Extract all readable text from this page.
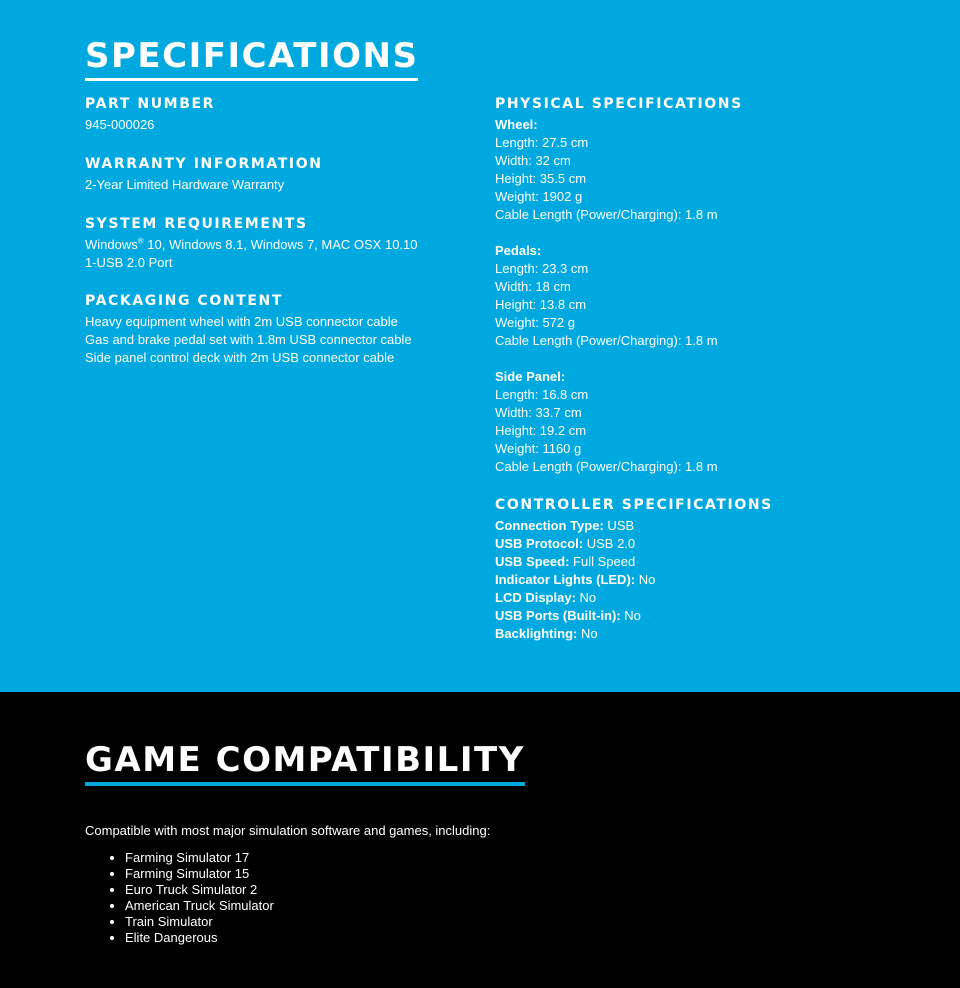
SPECIFICATIONS
PART NUMBER
945-000026
WARRANTY INFORMATION
2-Year Limited Hardware Warranty
SYSTEM REQUIREMENTS
Windows® 10, Windows 8.1, Windows 7, MAC OSX 10.10
1-USB 2.0 Port
PACKAGING CONTENT
Heavy equipment wheel with 2m USB connector cable
Gas and brake pedal set with 1.8m USB connector cable
Side panel control deck with 2m USB connector cable
PHYSICAL SPECIFICATIONS
Wheel:
Length: 27.5 cm
Width: 32 cm
Height: 35.5 cm
Weight: 1902 g
Cable Length (Power/Charging): 1.8 m
Pedals:
Length: 23.3 cm
Width: 18 cm
Height: 13.8 cm
Weight: 572 g
Cable Length (Power/Charging): 1.8 m
Side Panel:
Length: 16.8 cm
Width: 33.7 cm
Height: 19.2 cm
Weight: 1160 g
Cable Length (Power/Charging): 1.8 m
CONTROLLER SPECIFICATIONS
Connection Type: USB
USB Protocol: USB 2.0
USB Speed: Full Speed
Indicator Lights (LED): No
LCD Display: No
USB Ports (Built-in): No
Backlighting: No
GAME COMPATIBILITY
Compatible with most major simulation software and games, including:
• Farming Simulator 17
• Farming Simulator 15
• Euro Truck Simulator 2
• American Truck Simulator
• Train Simulator
• Elite Dangerous
